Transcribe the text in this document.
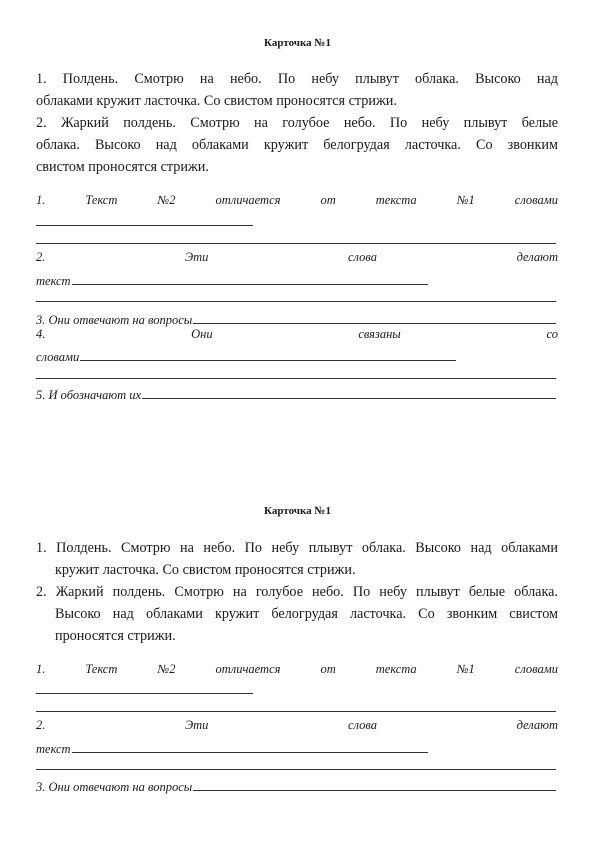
Карточка №1
1. Полдень. Смотрю на небо. По небу плывут облака. Высоко над
облаками кружит ласточка. Со свистом проносятся стрижи.
2. Жаркий полдень. Смотрю на голубое небо. По небу плывут белые
облака. Высоко над облаками кружит белогрудая ласточка. Со звонким
свистом проносятся стрижи.
1.	Текст	№2	отличается	от	текста	№1	словами
2.	Эти	слова	делают
текст
3. Они отвечают на вопросы
4.	Они	связаны	со
словами
5. И обозначают их
Карточка №1
1. Полдень. Смотрю на небо. По небу плывут облака. Высоко над облаками
кружит ласточка. Со свистом проносятся стрижи.
2. Жаркий полдень. Смотрю на голубое небо. По небу плывут белые облака.
Высоко над облаками кружит белогрудая ласточка. Со звонким свистом
проносятся стрижи.
1.	Текст	№2	отличается	от	текста	№1	словами
2.	Эти	слова	делают
текст
3. Они отвечают на вопросы
